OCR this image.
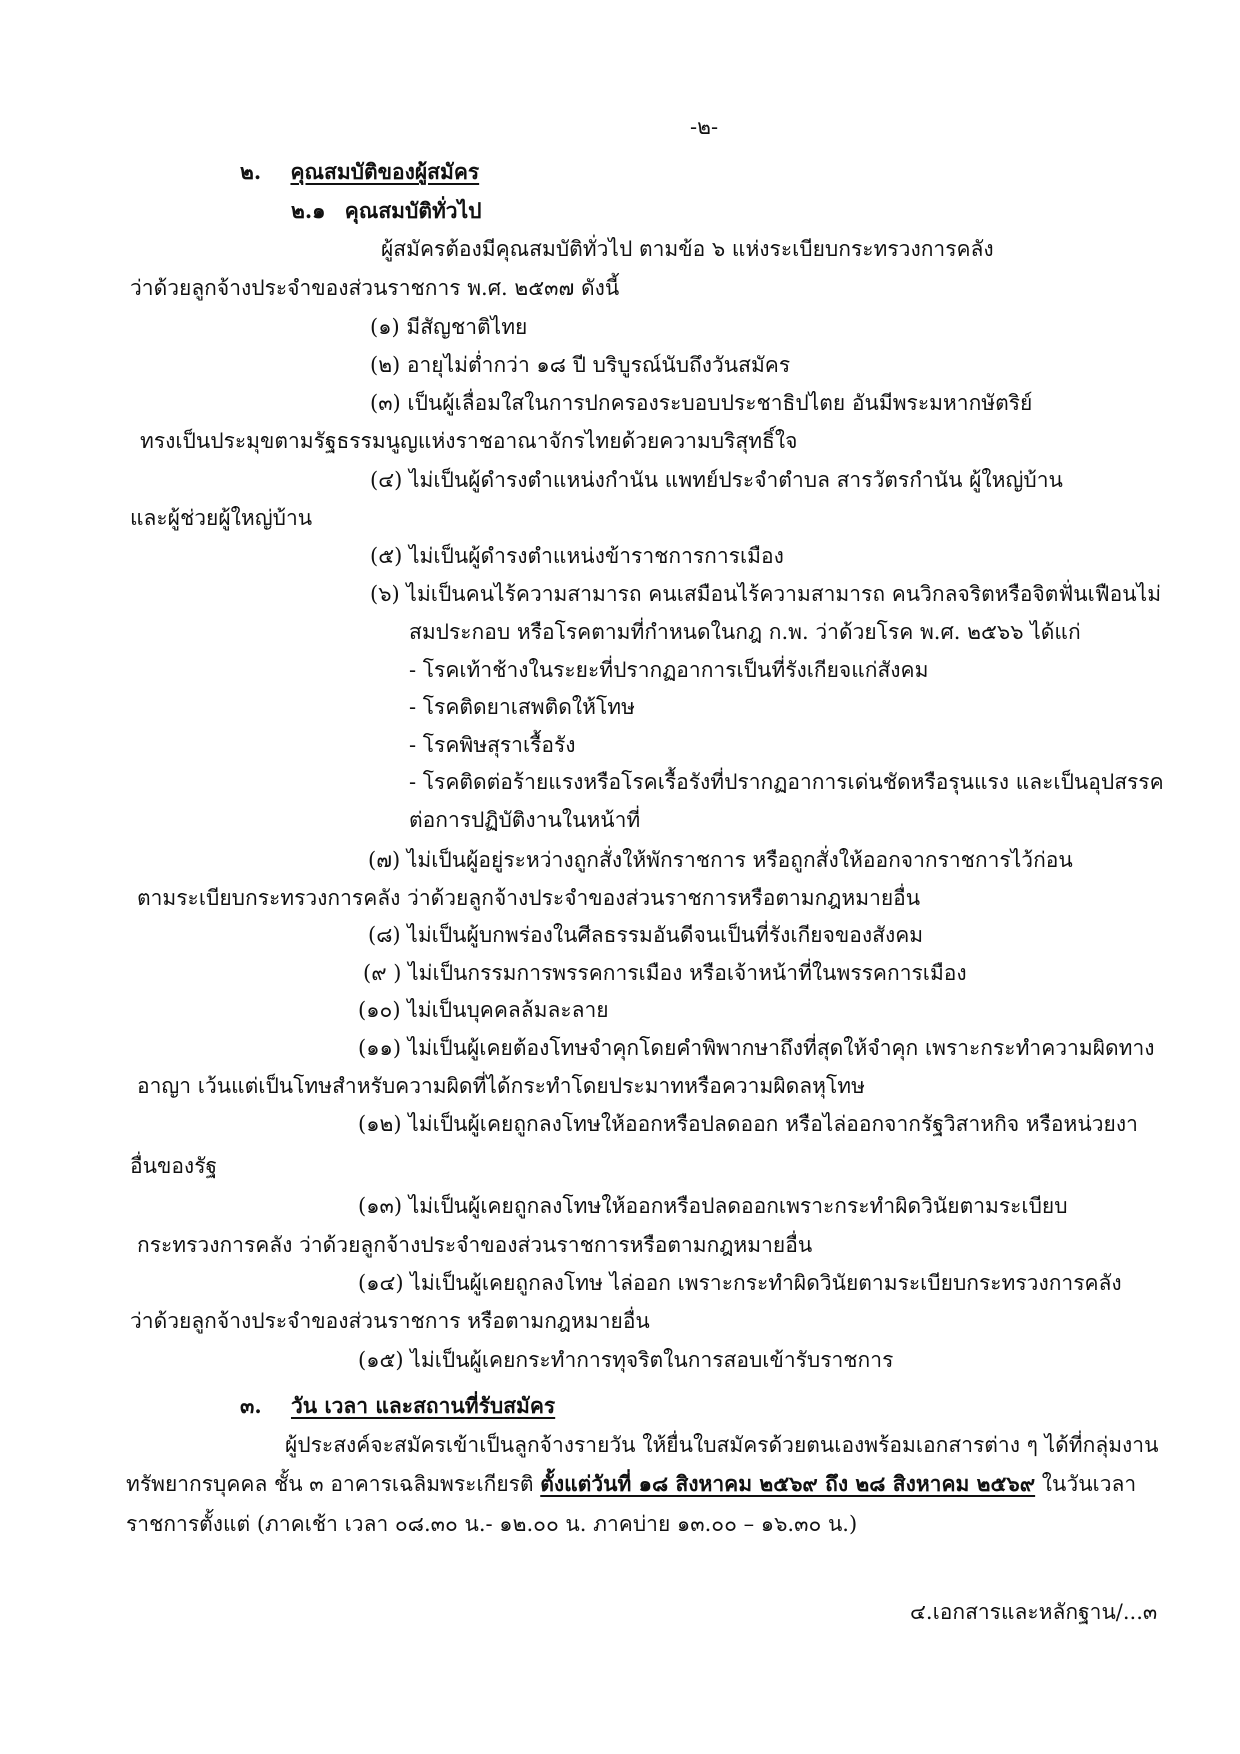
-๒-
๒. คุณสมบัติของผู้สมัคร
๒.๑ คุณสมบัติทั่วไป
ผู้สมัครต้องมีคุณสมบัติทั่วไป ตามข้อ ๖ แห่งระเบียบกระทรวงการคลัง
ว่าด้วยลูกจ้างประจำของส่วนราชการ พ.ศ. ๒๕๓๗ ดังนี้
(๑) มีสัญชาติไทย
(๒) อายุไม่ต่ำกว่า ๑๘ ปี บริบูรณ์นับถึงวันสมัคร
(๓) เป็นผู้เลื่อมใสในการปกครองระบอบประชาธิปไตย อันมีพระมหากษัตริย์
ทรงเป็นประมุขตามรัฐธรรมนูญแห่งราชอาณาจักรไทยด้วยความบริสุทธิ์ใจ
(๔) ไม่เป็นผู้ดำรงตำแหน่งกำนัน แพทย์ประจำตำบล สารวัตรกำนัน ผู้ใหญ่บ้าน
และผู้ช่วยผู้ใหญ่บ้าน
(๕) ไม่เป็นผู้ดำรงตำแหน่งข้าราชการการเมือง
(๖) ไม่เป็นคนไร้ความสามารถ คนเสมือนไร้ความสามารถ คนวิกลจริตหรือจิตฟั่นเฟือนไม่
สมประกอบ หรือโรคตามที่กำหนดในกฎ ก.พ. ว่าด้วยโรค พ.ศ. ๒๕๖๖ ได้แก่
- โรคเท้าช้างในระยะที่ปรากฏอาการเป็นที่รังเกียจแก่สังคม
- โรคติดยาเสพติดให้โทษ
- โรคพิษสุราเรื้อรัง
- โรคติดต่อร้ายแรงหรือโรคเรื้อรังที่ปรากฏอาการเด่นชัดหรือรุนแรง และเป็นอุปสรรค
ต่อการปฏิบัติงานในหน้าที่
(๗) ไม่เป็นผู้อยู่ระหว่างถูกสั่งให้พักราชการ หรือถูกสั่งให้ออกจากราชการไว้ก่อน
ตามระเบียบกระทรวงการคลัง ว่าด้วยลูกจ้างประจำของส่วนราชการหรือตามกฎหมายอื่น
(๘) ไม่เป็นผู้บกพร่องในศีลธรรมอันดีจนเป็นที่รังเกียจของสังคม
(๙ ) ไม่เป็นกรรมการพรรคการเมือง หรือเจ้าหน้าที่ในพรรคการเมือง
(๑๐) ไม่เป็นบุคคลล้มละลาย
(๑๑) ไม่เป็นผู้เคยต้องโทษจำคุกโดยคำพิพากษาถึงที่สุดให้จำคุก เพราะกระทำความผิดทาง
อาญา เว้นแต่เป็นโทษสำหรับความผิดที่ได้กระทำโดยประมาทหรือความผิดลหุโทษ
(๑๒) ไม่เป็นผู้เคยถูกลงโทษให้ออกหรือปลดออก หรือไล่ออกจากรัฐวิสาหกิจ หรือหน่วยงา
อื่นของรัฐ
(๑๓) ไม่เป็นผู้เคยถูกลงโทษให้ออกหรือปลดออกเพราะกระทำผิดวินัยตามระเบียบ
กระทรวงการคลัง ว่าด้วยลูกจ้างประจำของส่วนราชการหรือตามกฎหมายอื่น
(๑๔) ไม่เป็นผู้เคยถูกลงโทษ ไล่ออก เพราะกระทำผิดวินัยตามระเบียบกระทรวงการคลัง
ว่าด้วยลูกจ้างประจำของส่วนราชการ หรือตามกฎหมายอื่น
(๑๕) ไม่เป็นผู้เคยกระทำการทุจริตในการสอบเข้ารับราชการ
๓. วัน เวลา และสถานที่รับสมัคร
ผู้ประสงค์จะสมัครเข้าเป็นลูกจ้างรายวัน ให้ยื่นใบสมัครด้วยตนเองพร้อมเอกสารต่าง ๆ ได้ที่กลุ่มงาน
ทรัพยากรบุคคล ชั้น ๓ อาคารเฉลิมพระเกียรติ ตั้งแต่วันที่ ๑๘ สิงหาคม ๒๕๖๙ ถึง ๒๘ สิงหาคม ๒๕๖๙ ในวันเวลา
ราชการตั้งแต่ (ภาคเช้า เวลา ๐๘.๓๐ น.- ๑๒.๐๐ น. ภาคบ่าย ๑๓.๐๐ – ๑๖.๓๐ น.)
๔.เอกสารและหลักฐาน/...๓
